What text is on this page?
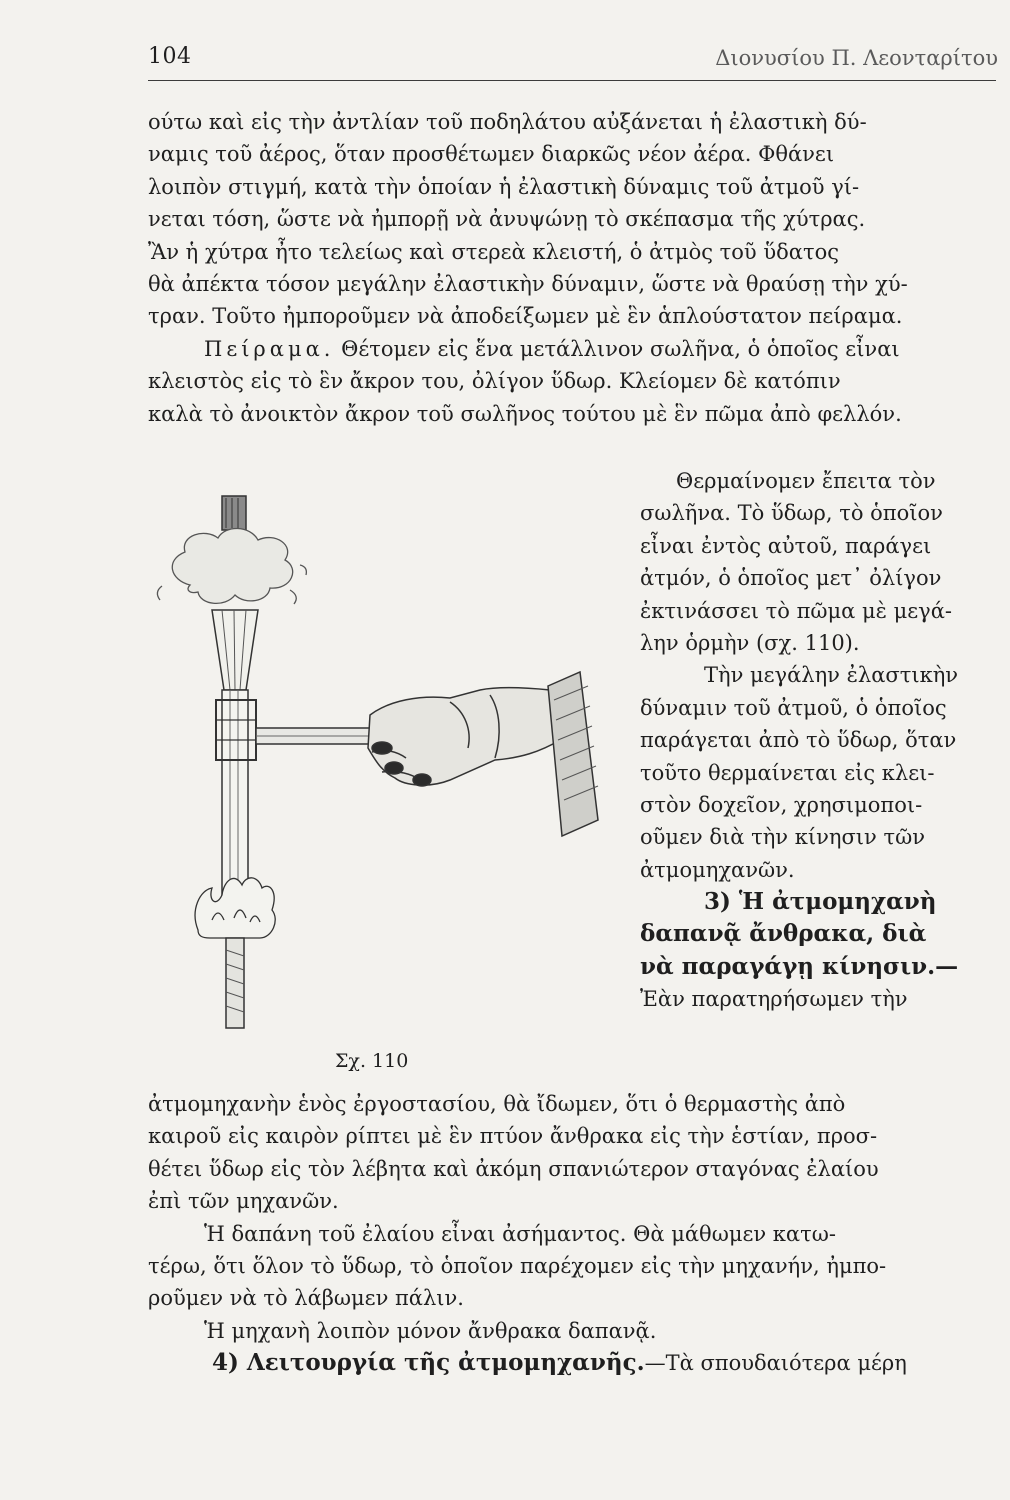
104	Διονυσίου Π. Λεονταρίτου
ούτω καὶ εἰς τὴν ἀντλίαν τοῦ ποδηλάτου αὐξάνεται ἡ ἐλαστικὴ δύ-
ναμις τοῦ ἀέρος, ὅταν προσθέτωμεν διαρκῶς νέον ἀέρα. Φθάνει
λοιπὸν στιγμή, κατὰ τὴν ὁποίαν ἡ ἐλαστικὴ δύναμις τοῦ ἀτμοῦ γί-
νεται τόση, ὥστε νὰ ἠμπορῇ νὰ ἀνυψώνῃ τὸ σκέπασμα τῆς χύτρας.
Ἂν ἡ χύτρα ἦτο τελείως καὶ στερεὰ κλειστή, ὁ ἀτμὸς τοῦ ὕδατος
θὰ ἀπέκτα τόσον μεγάλην ἐλαστικὴν δύναμιν, ὥστε νὰ θραύσῃ τὴν χύ-
τραν. Τοῦτο ἠμποροῦμεν νὰ ἀποδείξωμεν μὲ ἓν ἁπλούστατον πείραμα.
Πείραμα. Θέτομεν εἰς ἕνα μετάλλινον σωλῆνα, ὁ ὁποῖος εἶναι
κλειστὸς εἰς τὸ ἓν ἄκρον του, ὀλίγον ὕδωρ. Κλείομεν δὲ κατόπιν
καλὰ τὸ ἀνοικτὸν ἄκρον τοῦ σωλῆνος τούτου μὲ ἓν πῶμα ἀπὸ φελλόν.
Σχ. 110
Θερμαίνομεν ἔπειτα τὸν
σωλῆνα. Τὸ ὕδωρ, τὸ ὁποῖον
εἶναι ἐντὸς αὐτοῦ, παράγει
ἀτμόν, ὁ ὁποῖος μετ᾽ ὀλίγον
ἐκτινάσσει τὸ πῶμα μὲ μεγά-
λην ὁρμὴν (σχ. 110).
Τὴν μεγάλην ἐλαστικὴν
δύναμιν τοῦ ἀτμοῦ, ὁ ὁποῖος
παράγεται ἀπὸ τὸ ὕδωρ, ὅταν
τοῦτο θερμαίνεται εἰς κλει-
στὸν δοχεῖον, χρησιμοποι-
οῦμεν διὰ τὴν κίνησιν τῶν
ἀτμομηχανῶν.
3) Ἡ ἀτμομηχανὴ
δαπανᾷ ἄνθρακα, διὰ
νὰ παραγάγῃ κίνησιν.—
Ἐὰν παρατηρήσωμεν τὴν
ἀτμομηχανὴν ἑνὸς ἐργοστασίου, θὰ ἴδωμεν, ὅτι ὁ θερμαστὴς ἀπὸ
καιροῦ εἰς καιρὸν ρίπτει μὲ ἓν πτύον ἄνθρακα εἰς τὴν ἑστίαν, προσ-
θέτει ὕδωρ εἰς τὸν λέβητα καὶ ἀκόμη σπανιώτερον σταγόνας ἐλαίου
ἐπὶ τῶν μηχανῶν.
Ἡ δαπάνη τοῦ ἐλαίου εἶναι ἀσήμαντος. Θὰ μάθωμεν κατω-
τέρω, ὅτι ὅλον τὸ ὕδωρ, τὸ ὁποῖον παρέχομεν εἰς τὴν μηχανήν, ἠμπο-
ροῦμεν νὰ τὸ λάβωμεν πάλιν.
Ἡ μηχανὴ λοιπὸν μόνον ἄνθρακα δαπανᾷ.
4) Λειτουργία τῆς ἀτμομηχανῆς.—Τὰ σπουδαιότερα μέρη
